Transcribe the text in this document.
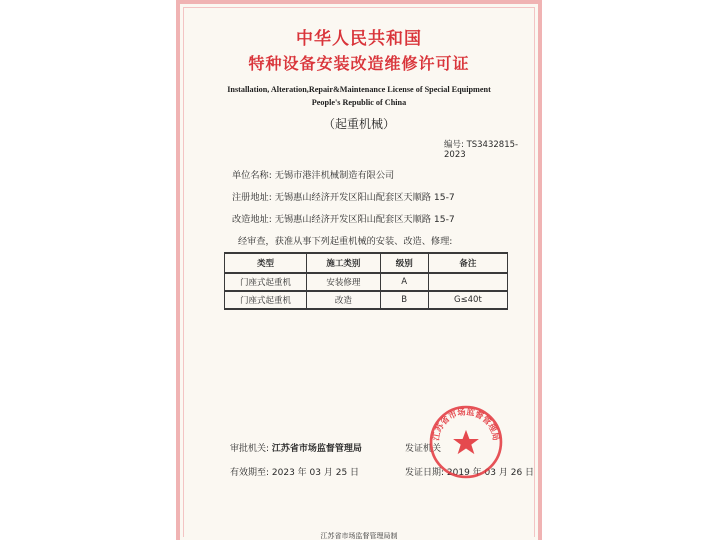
中华人民共和国
特种设备安装改造维修许可证
Installation, Alteration,Repair&Maintenance License of Special Equipment
People's Republic of China
（起重机械）
编号: TS3432815-2023
单位名称: 无锡市港沣机械制造有限公司
注册地址: 无锡惠山经济开发区阳山配套区天顺路 15-7
改造地址: 无锡惠山经济开发区阳山配套区天顺路 15-7
经审查，获准从事下列起重机械的安装、改造、修理:
类型	施工类别	级别	备注
门座式起重机	安装修理	A	
门座式起重机	改造	B	G≤40t
审批机关: 江苏省市场监督管理局	发证机关
有效期至: 2023 年 03 月 25 日	发证日期: 2019 年 03 月 26 日
江苏省市场监督管理局
江苏省市场监督管理局制
